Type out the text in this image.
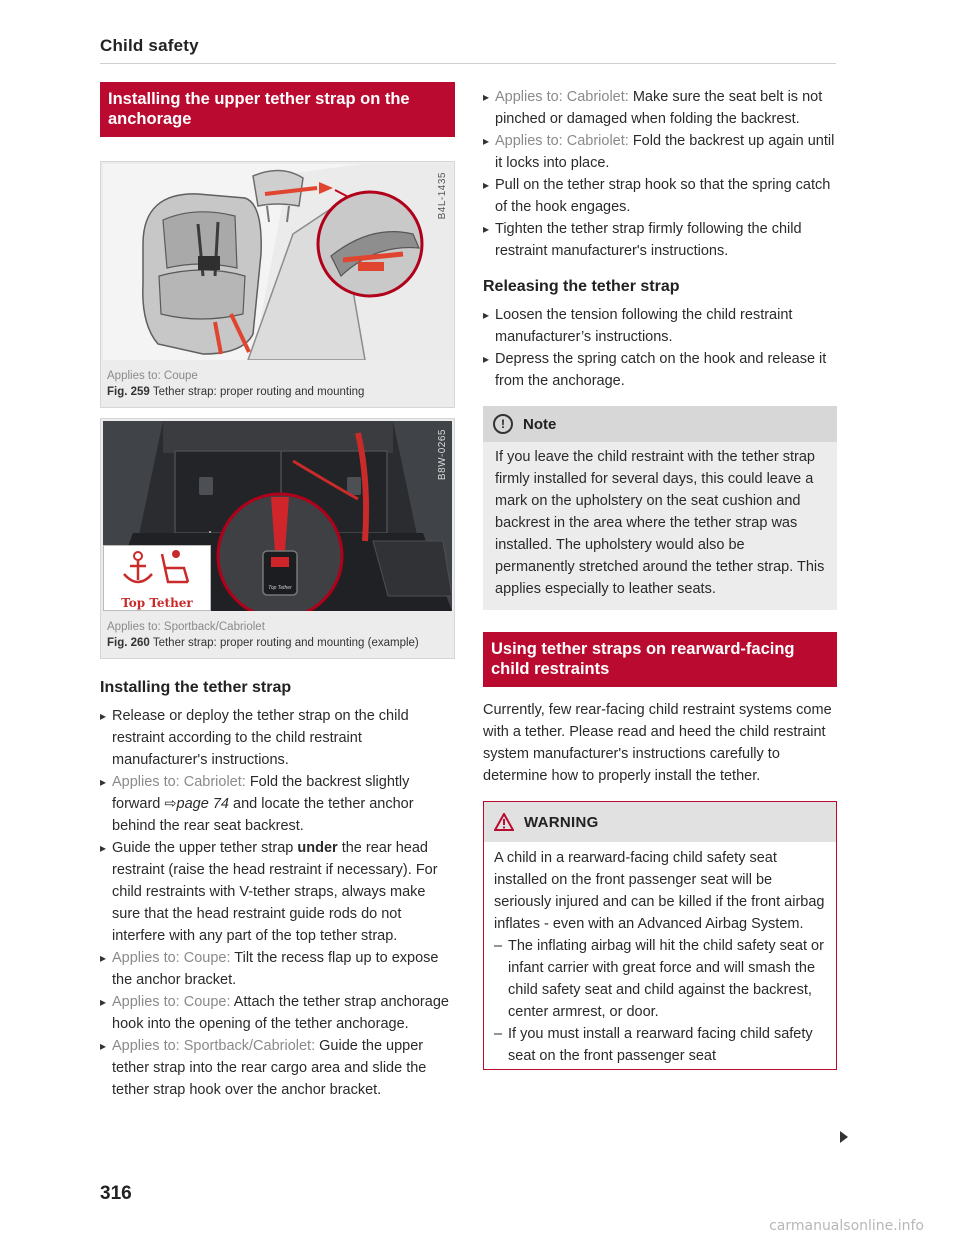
Child safety
Installing the upper tether strap on the anchorage
B4L-1435
Applies to: Coupe
Fig. 259 Tether strap: proper routing and mounting
Top Tether
Top Tether
B8W-0265
Applies to: Sportback/Cabriolet
Fig. 260 Tether strap: proper routing and mounting (example)
Installing the tether strap
▸ Release or deploy the tether strap on the child restraint according to the child restraint manufacturer's instructions.
▸ Applies to: Cabriolet: Fold the backrest slightly forward ⇨page 74 and locate the tether anchor behind the rear seat backrest.
▸ Guide the upper tether strap under the rear head restraint (raise the head restraint if necessary). For child restraints with V-tether straps, always make sure that the head restraint guide rods do not interfere with any part of the top tether strap.
▸ Applies to: Coupe: Tilt the recess flap up to expose the anchor bracket.
▸ Applies to: Coupe: Attach the tether strap anchorage hook into the opening of the tether anchorage.
▸ Applies to: Sportback/Cabriolet: Guide the upper tether strap into the rear cargo area and slide the tether strap hook over the anchor bracket.
316
▸ Applies to: Cabriolet: Make sure the seat belt is not pinched or damaged when folding the backrest.
▸ Applies to: Cabriolet: Fold the backrest up again until it locks into place.
▸ Pull on the tether strap hook so that the spring catch of the hook engages.
▸ Tighten the tether strap firmly following the child restraint manufacturer's instructions.
Releasing the tether strap
▸ Loosen the tension following the child restraint manufacturer’s instructions.
▸ Depress the spring catch on the hook and release it from the anchorage.
!	Note
If you leave the child restraint with the tether strap firmly installed for several days, this could leave a mark on the upholstery on the seat cushion and backrest in the area where the tether strap was installed. The upholstery would also be permanently stretched around the tether strap. This applies especially to leather seats.
Using tether straps on rearward-facing child restraints
Currently, few rear-facing child restraint systems come with a tether. Please read and heed the child restraint system manufacturer's instructions carefully to determine how to properly install the tether.
WARNING
A child in a rearward-facing child safety seat installed on the front passenger seat will be seriously injured and can be killed if the front airbag inflates - even with an Advanced Airbag System.
– The inflating airbag will hit the child safety seat or infant carrier with great force and will smash the child safety seat and child against the backrest, center armrest, or door.
– If you must install a rearward facing child safety seat on the front passenger seat
carmanualsonline.info
